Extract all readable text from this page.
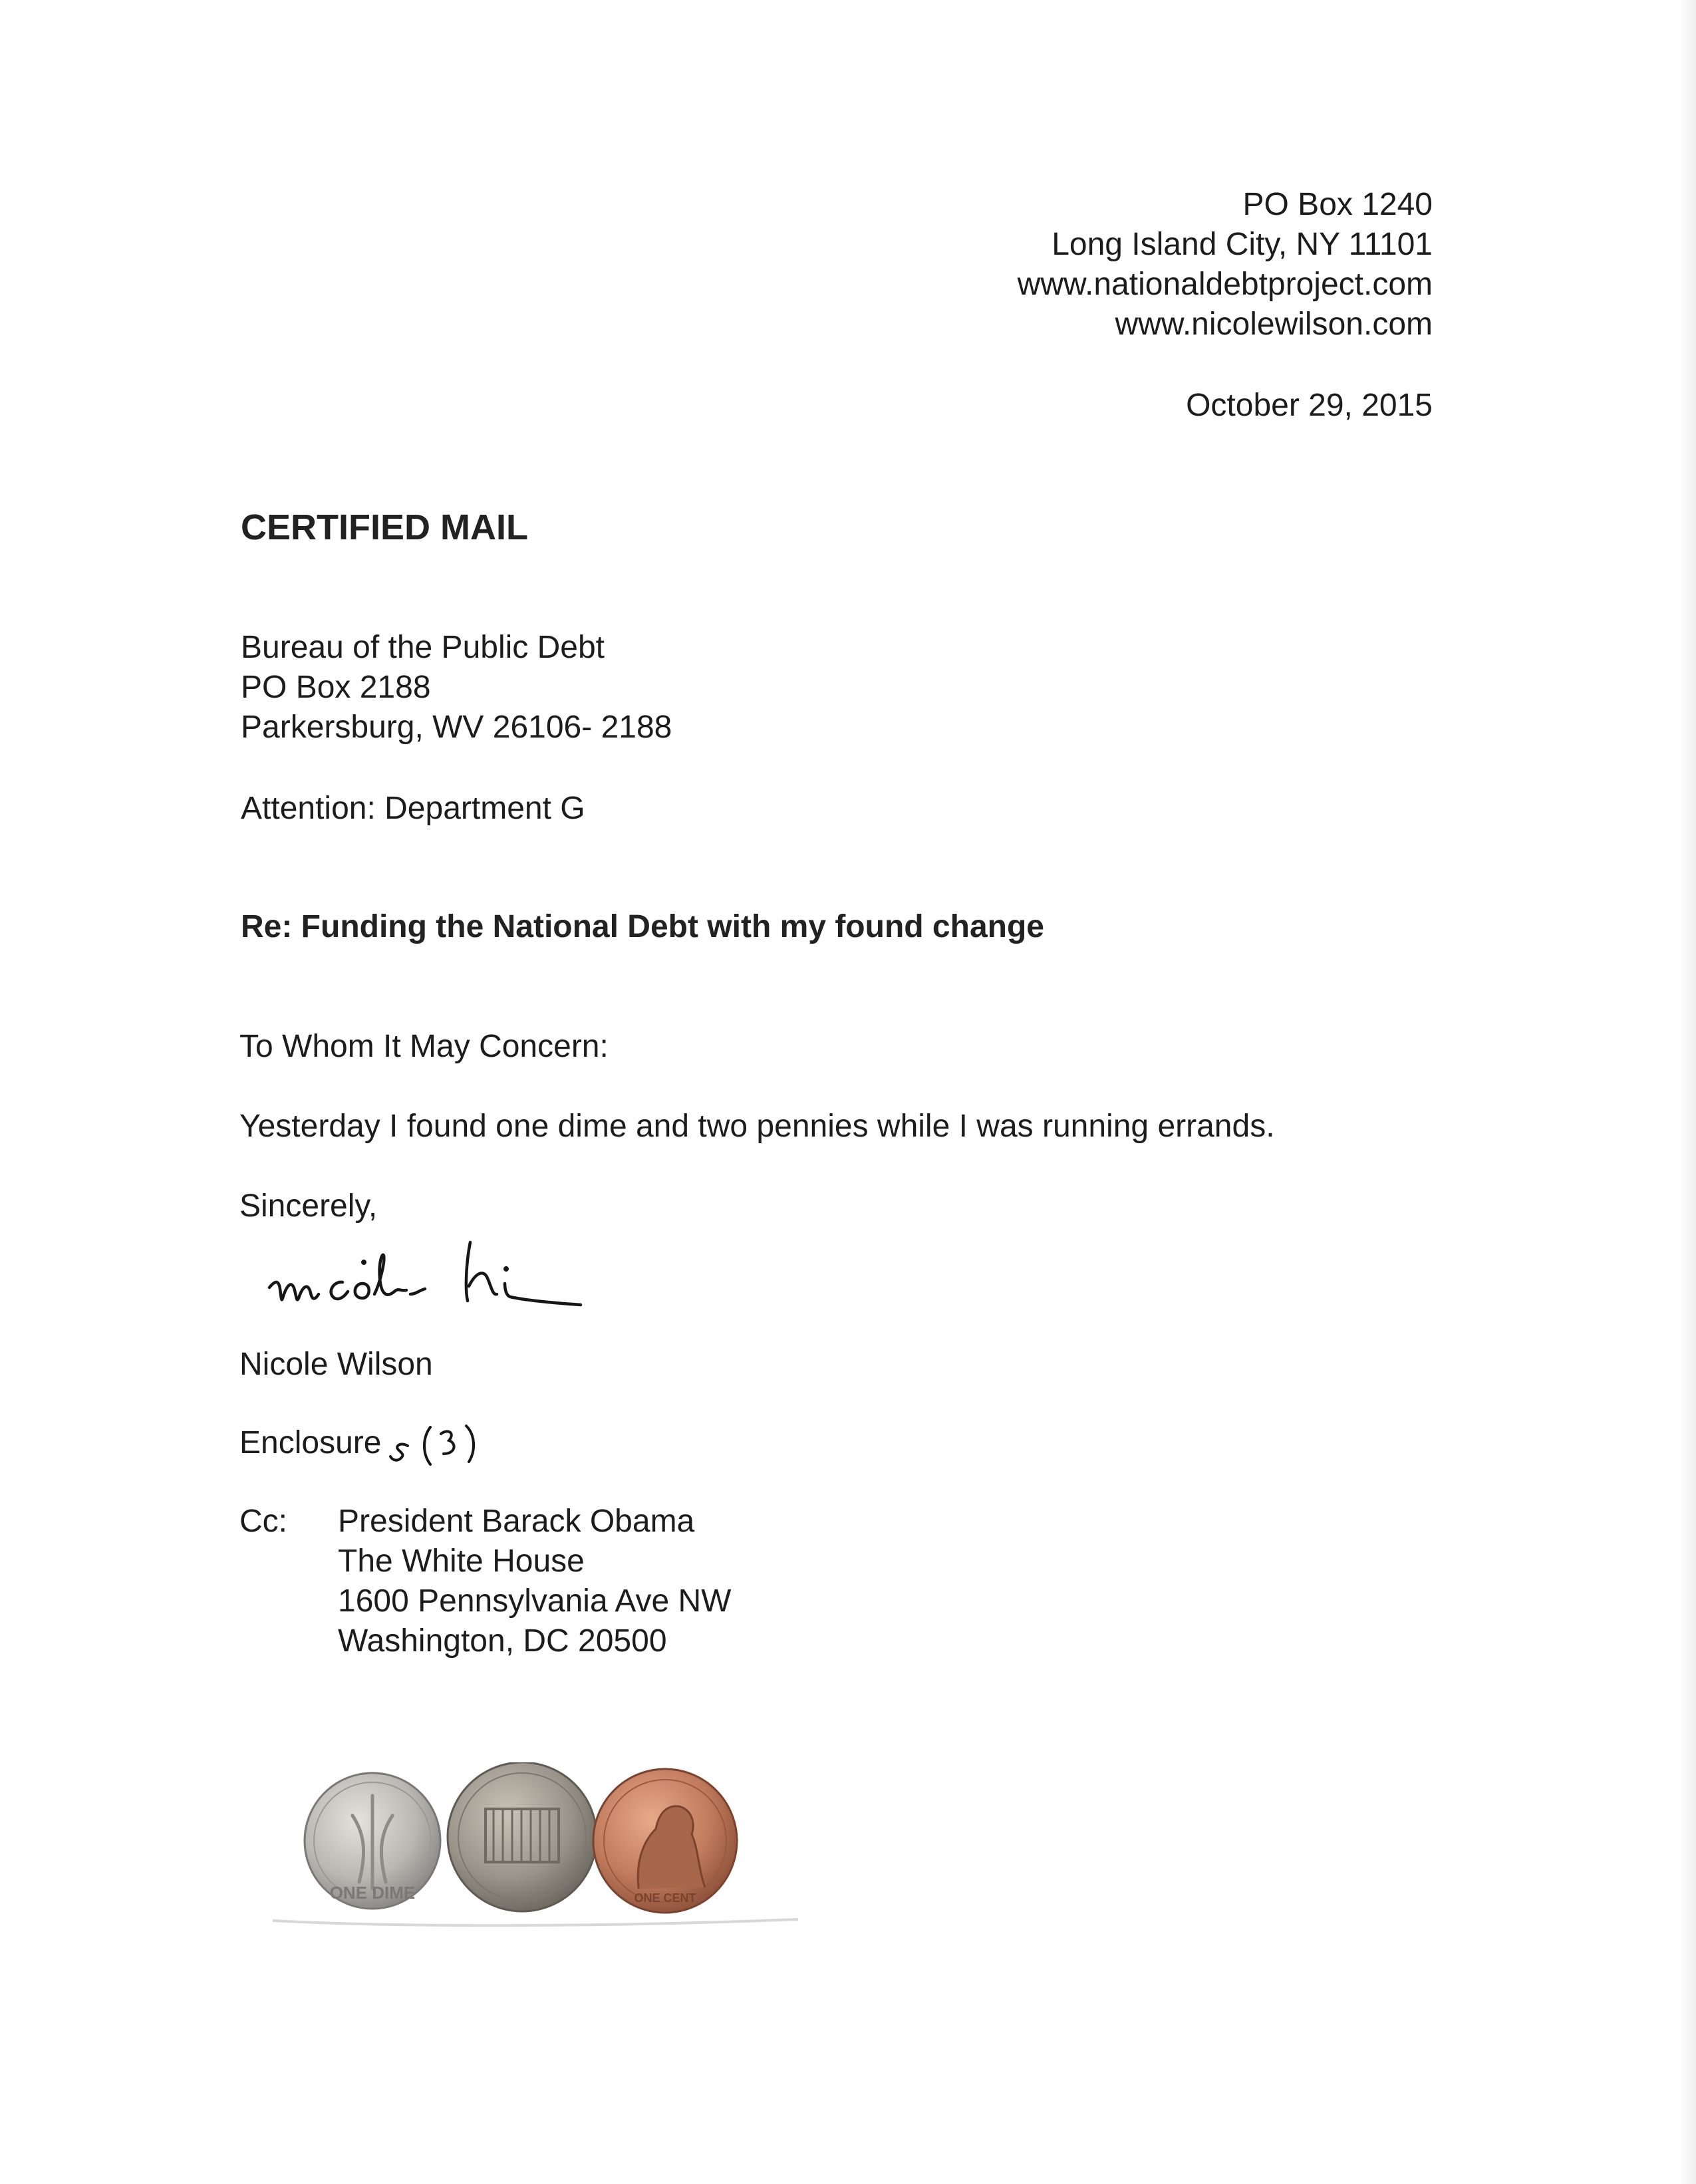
PO Box 1240
Long Island City, NY 11101
www.nationaldebtproject.com
www.nicolewilson.com
October 29, 2015
CERTIFIED MAIL
Bureau of the Public Debt
PO Box 2188
Parkersburg, WV 26106- 2188
Attention: Department G
Re: Funding the National Debt with my found change
To Whom It May Concern:
Yesterday I found one dime and two pennies while I was running errands.
Sincerely,
Nicole Wilson
Enclosure
Cc: President Barack Obama
The White House
1600 Pennsylvania Ave NW
Washington, DC 20500
ONE DIME	ONE CENT
